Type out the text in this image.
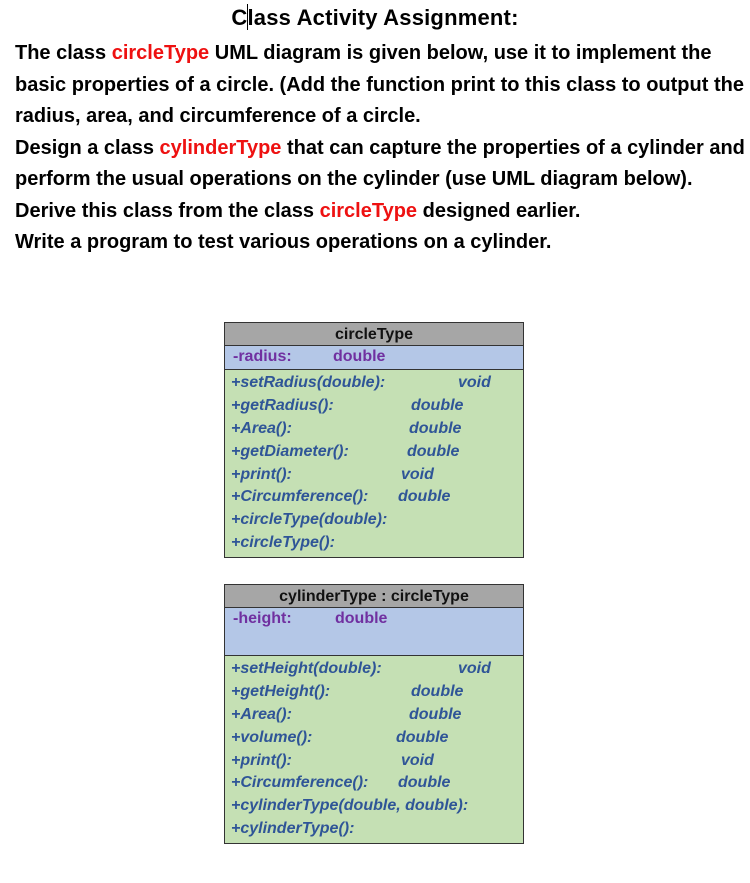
Class Activity Assignment:

The class circleType UML diagram is given below, use it to implement the basic properties of a circle. (Add the function print to this class to output the radius, area, and circumference of a circle.

Design a class cylinderType that can capture the properties of a cylinder and perform the usual operations on the cylinder (use UML diagram below).

Derive this class from the class circleType designed earlier.

Write a program to test various operations on a cylinder.

circleType
-radius:	double
+setRadius(double):	void
+getRadius():	double
+Area():	double
+getDiameter():	double
+print():	void
+Circumference(): double
+circleType(double):
+circleType():
cylinderType : circleType
-height:	double
+setHeight(double):	void
+getHeight():	double
+Area():	double
+volume():	double
+print():	void
+Circumference(): double
+cylinderType(double, double):
+cylinderType():
